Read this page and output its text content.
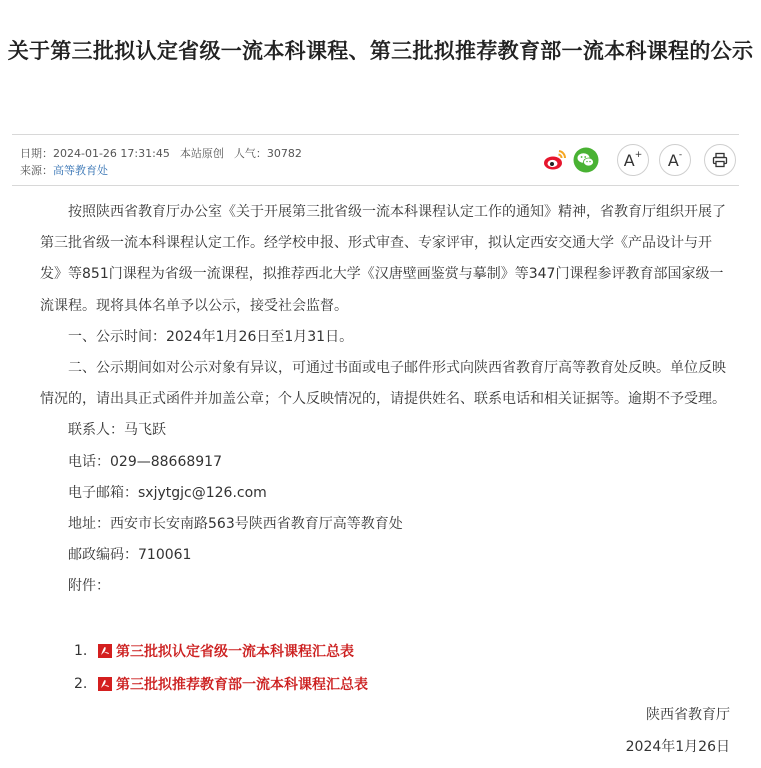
关于第三批拟认定省级一流本科课程、第三批拟推荐教育部一流本科课程的公示
日期：2024-01-26 17:31:45 本站原创 人气：30782
来源：高等教育处
A + A -

按照陕西省教育厅办公室《关于开展第三批省级一流本科课程认定工作的通知》精神，省教育厅组织开展了第三批省级一流本科课程认定工作。经学校申报、形式审查、专家评审，拟认定西安交通大学《产品设计与开发》等851门课程为省级一流课程，拟推荐西北大学《汉唐壁画鉴赏与摹制》等347门课程参评教育部国家级一流课程。现将具体名单予以公示，接受社会监督。

一、公示时间：2024年1月26日至1月31日。

二、公示期间如对公示对象有异议，可通过书面或电子邮件形式向陕西省教育厅高等教育处反映。单位反映情况的，请出具正式函件并加盖公章；个人反映情况的，请提供姓名、联系电话和相关证据等。逾期不予受理。

联系人：马飞跃

电话：029—88668917

电子邮箱：sxjytgjc@126.com

地址：西安市长安南路563号陕西省教育厅高等教育处

邮政编码：710061

附件：

1.	第三批拟认定省级一流本科课程汇总表
2.	第三批拟推荐教育部一流本科课程汇总表
陕西省教育厅
2024年1月26日
